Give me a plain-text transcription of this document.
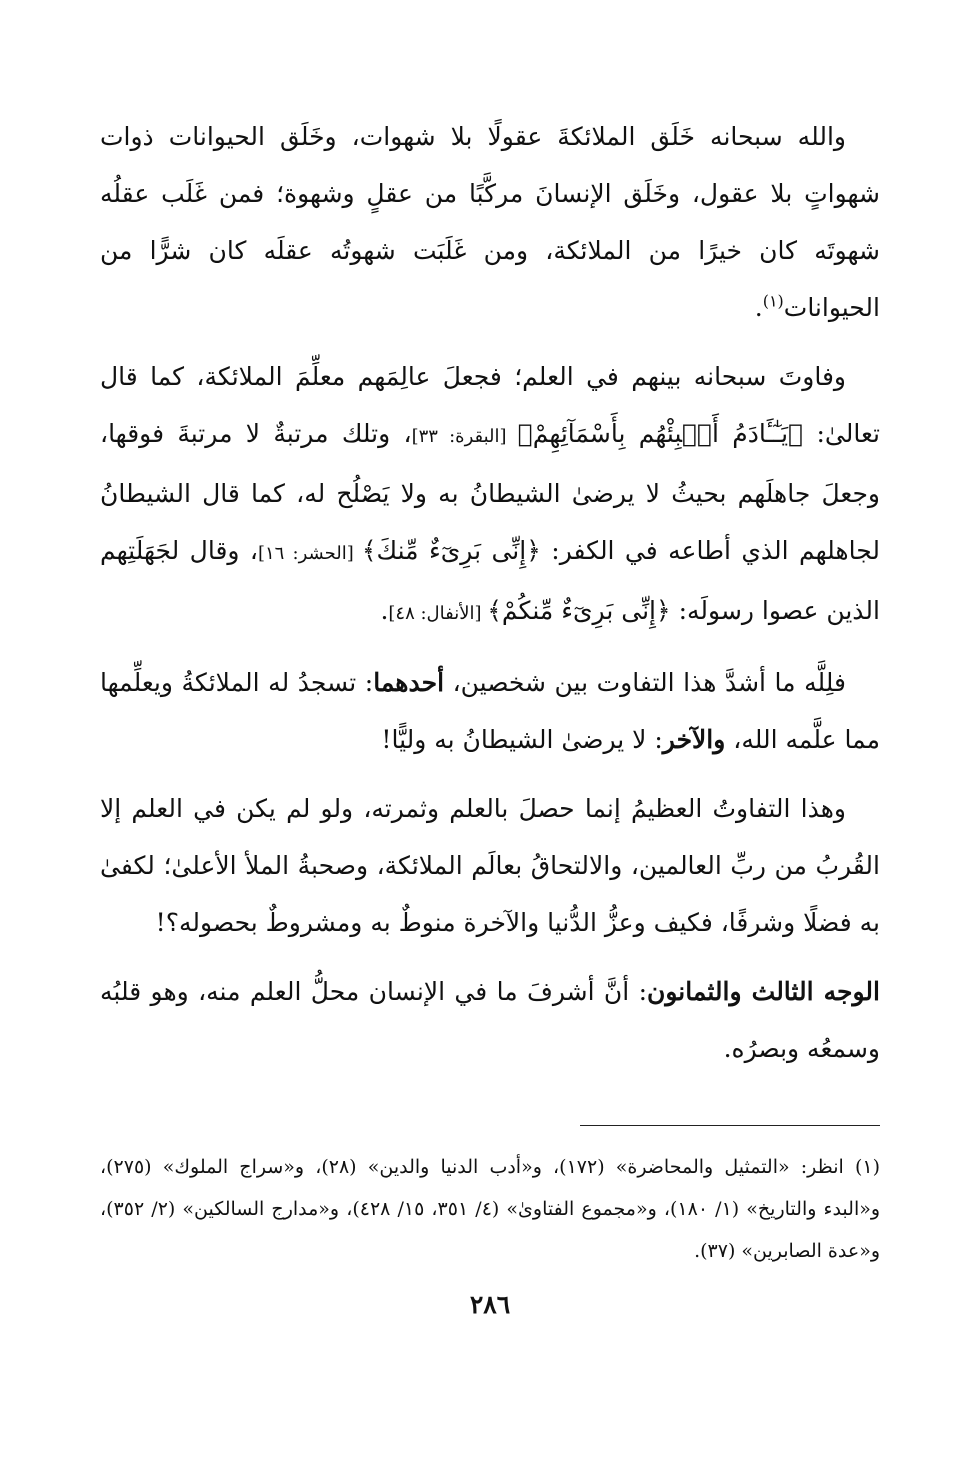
والله سبحانه خَلَق الملائكةَ عقولًا بلا شهوات، وخَلَق الحيوانات ذوات شهواتٍ بلا عقول، وخَلَق الإنسانَ مركَّبًا من عقلٍ وشهوة؛ فمن غَلَب عقلُه شهوتَه كان خيرًا من الملائكة، ومن غَلَبَت شهوتُه عقلَه كان شرًّا من الحيوانات$^{(١)}$.
وفاوتَ سبحانه بينهم في العلم؛ فجعلَ عالِمَهم معلِّمَ الملائكة، كما قال تعالىٰ: ﴿يَـٰٓـَٔادَمُ أَنۢبِئْهُم بِأَسْمَآئِهِمْ﴾ [البقرة: ٣٣]، وتلك مرتبةٌ لا مرتبةَ فوقها، وجعلَ جاهلَهم بحيثُ لا يرضىٰ الشيطانُ به ولا يَصْلُح له، كما قال الشيطانُ لجاهلهم الذي أطاعه في الكفر: ﴿إِنِّى بَرِىٓءٌ مِّنكَ﴾ [الحشر: ١٦]، وقال لجَهَلَتِهم الذين عصوا رسولَه: ﴿إِنِّى بَرِىٓءٌ مِّنكُمْ﴾ [الأنفال: ٤٨].
فلِلَّه ما أشدَّ هذا التفاوت بين شخصين، أحدهما: تسجدُ له الملائكةُ ويعلِّمها مما علَّمه الله، والآخر: لا يرضىٰ الشيطانُ به وليًّا!
وهذا التفاوتُ العظيمُ إنما حصلَ بالعلم وثمرته، ولو لم يكن في العلم إلا القُربُ من ربِّ العالمين، والالتحاقُ بعالَم الملائكة، وصحبةُ الملأ الأعلىٰ؛ لكفىٰ به فضلًا وشرفًا، فكيف وعزُّ الدُّنيا والآخرة منوطٌ به ومشروطٌ بحصوله؟!
الوجه الثالث والثمانون: أنَّ أشرفَ ما في الإنسان محلُّ العلم منه، وهو قلبُه وسمعُه وبصرُه.

(١) انظر: «التمثيل والمحاضرة» (١٧٢)، و«أدب الدنيا والدين» (٢٨)، و«سراج الملوك» (٢٧٥)، و«البدء والتاريخ» (١/ ١٨٠)، و«مجموع الفتاوىٰ» (٤/ ٣٥١، ١٥/ ٤٢٨)، و«مدارج السالكين» (٢/ ٣٥٢)، و«عدة الصابرين» (٣٧).

٢٨٦
